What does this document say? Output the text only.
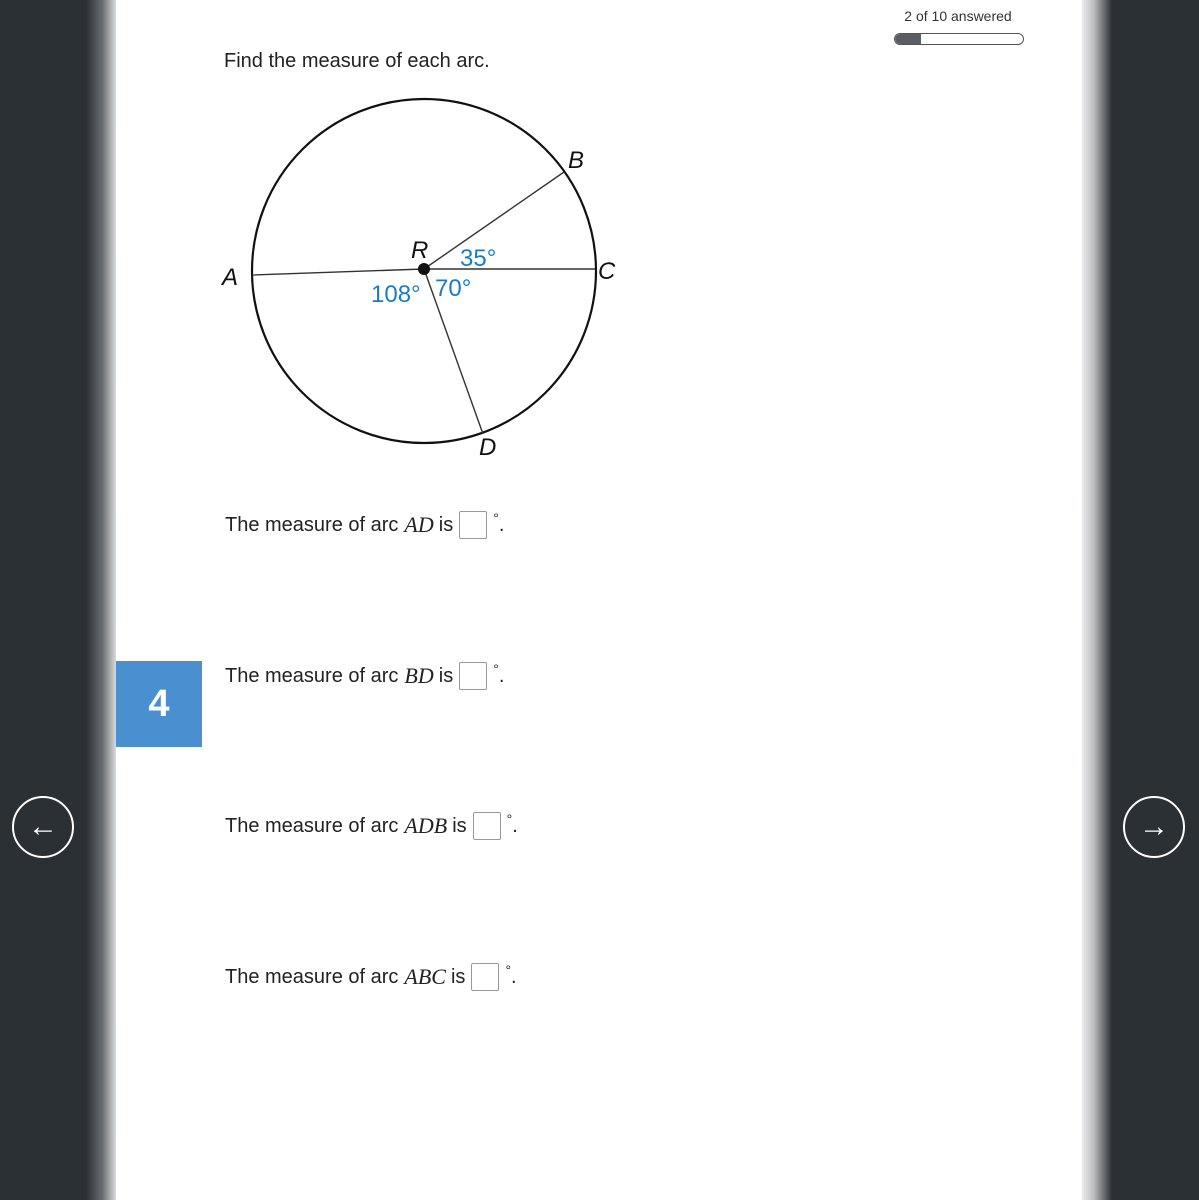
2 of 10 answered
Find the measure of each arc.
R
A
B
C
D
35°
108° 70°
4
The measure of arc AD is	° .
The measure of arc BD is	° .
The measure of arc ADB is	° .
The measure of arc ABC is	° .
←	→
